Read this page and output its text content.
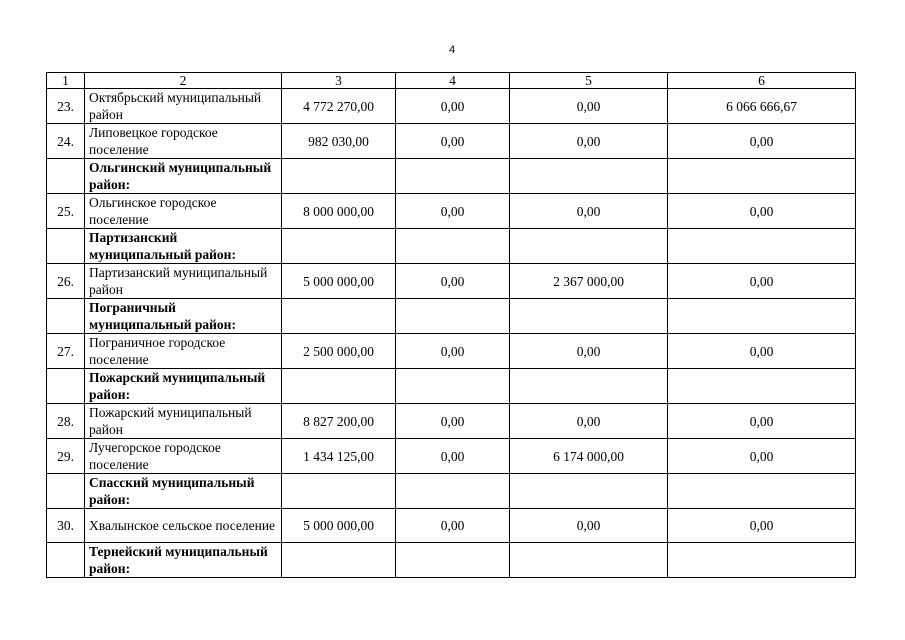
4
1	2	3	4	5	6
23.	Октябрьский муниципальный район	4 772 270,00	0,00	0,00	6 066 666,67
24.	Липовецкое городское поселение	982 030,00	0,00	0,00	0,00
	Ольгинский муниципальный район:				
25.	Ольгинское городское поселение	8 000 000,00	0,00	0,00	0,00
	Партизанский муниципальный район:				
26.	Партизанский муниципальный район	5 000 000,00	0,00	2 367 000,00	0,00
	Пограничный муниципальный район:				
27.	Пограничное городское поселение	2 500 000,00	0,00	0,00	0,00
	Пожарский муниципальный район:				
28.	Пожарский муниципальный район	8 827 200,00	0,00	0,00	0,00
29.	Лучегорское городское поселение	1 434 125,00	0,00	6 174 000,00	0,00
	Спасский муниципальный район:				
30.	Хвалынское сельское поселение	5 000 000,00	0,00	0,00	0,00
	Тернейский муниципальный район:				
